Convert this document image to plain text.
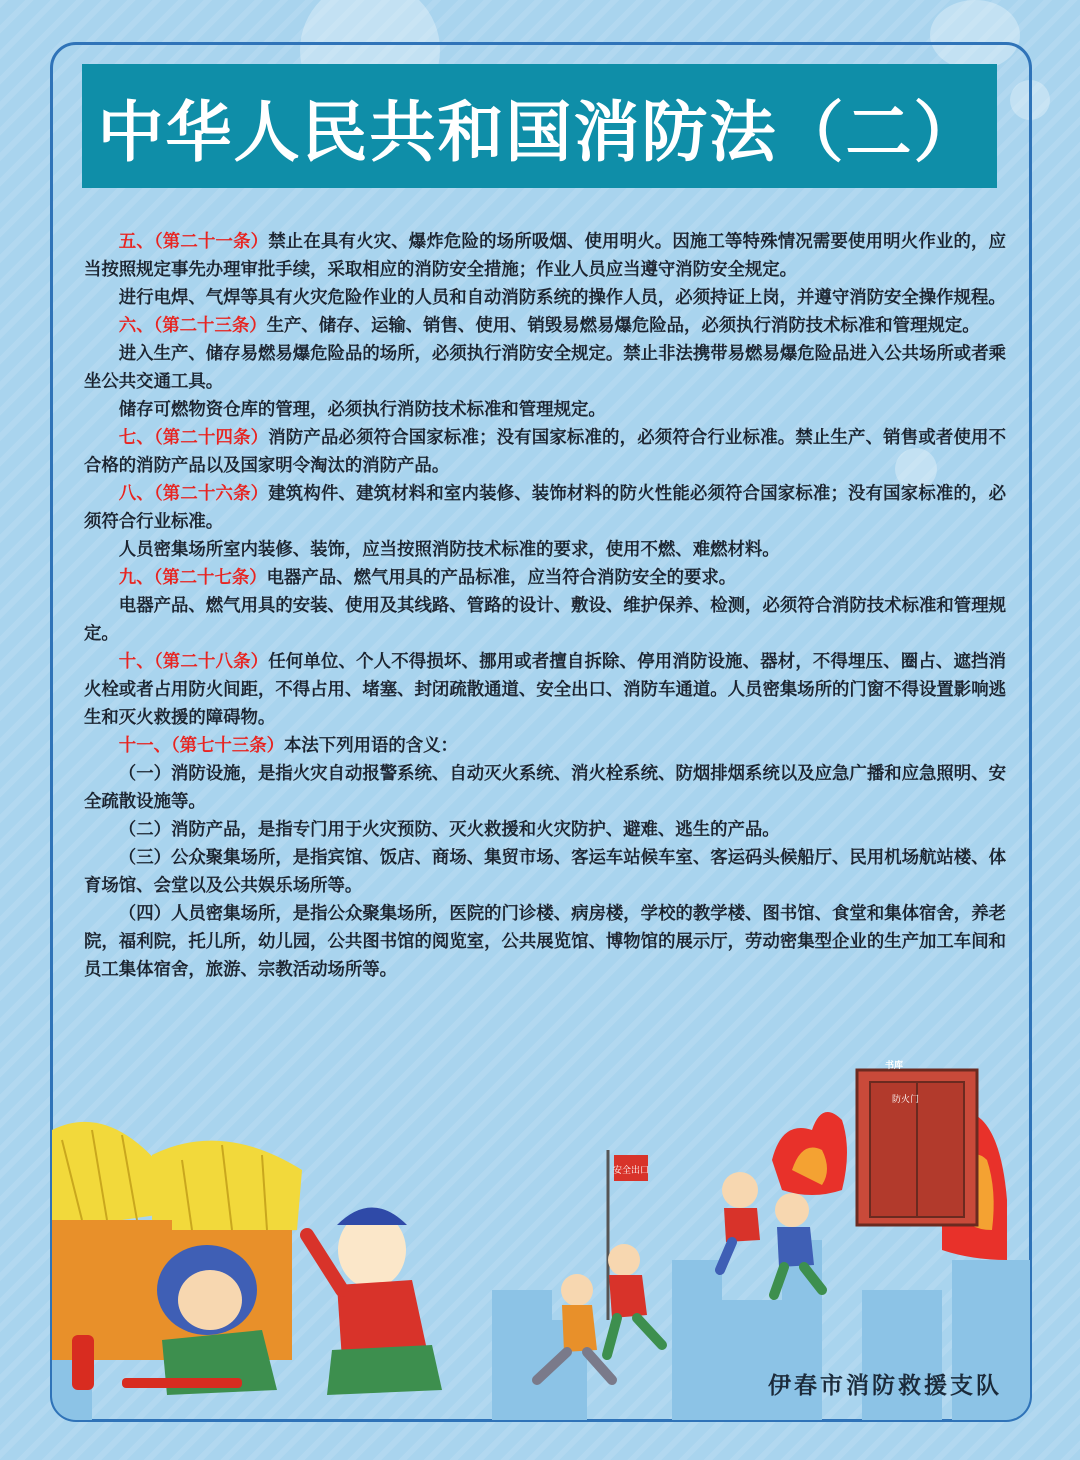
中华人民共和国消防法（二）

五、（第二十一条）禁止在具有火灾、爆炸危险的场所吸烟、使用明火。因施工等特殊情况需要使用明火作业的，应当按照规定事先办理审批手续，采取相应的消防安全措施；作业人员应当遵守消防安全规定。

进行电焊、气焊等具有火灾危险作业的人员和自动消防系统的操作人员，必须持证上岗，并遵守消防安全操作规程。

六、（第二十三条）生产、储存、运输、销售、使用、销毁易燃易爆危险品，必须执行消防技术标准和管理规定。

进入生产、储存易燃易爆危险品的场所，必须执行消防安全规定。禁止非法携带易燃易爆危险品进入公共场所或者乘坐公共交通工具。

储存可燃物资仓库的管理，必须执行消防技术标准和管理规定。

七、（第二十四条）消防产品必须符合国家标准；没有国家标准的，必须符合行业标准。禁止生产、销售或者使用不合格的消防产品以及国家明令淘汰的消防产品。

八、（第二十六条）建筑构件、建筑材料和室内装修、装饰材料的防火性能必须符合国家标准；没有国家标准的，必须符合行业标准。

人员密集场所室内装修、装饰，应当按照消防技术标准的要求，使用不燃、难燃材料。

九、（第二十七条）电器产品、燃气用具的产品标准，应当符合消防安全的要求。

电器产品、燃气用具的安装、使用及其线路、管路的设计、敷设、维护保养、检测，必须符合消防技术标准和管理规定。

十、（第二十八条）任何单位、个人不得损坏、挪用或者擅自拆除、停用消防设施、器材，不得埋压、圈占、遮挡消火栓或者占用防火间距，不得占用、堵塞、封闭疏散通道、安全出口、消防车通道。人员密集场所的门窗不得设置影响逃生和灭火救援的障碍物。

十一、（第七十三条）本法下列用语的含义：

（一）消防设施，是指火灾自动报警系统、自动灭火系统、消火栓系统、防烟排烟系统以及应急广播和应急照明、安全疏散设施等。

（二）消防产品，是指专门用于火灾预防、灭火救援和火灾防护、避难、逃生的产品。

（三）公众聚集场所，是指宾馆、饭店、商场、集贸市场、客运车站候车室、客运码头候船厅、民用机场航站楼、体育场馆、会堂以及公共娱乐场所等。

（四）人员密集场所，是指公众聚集场所，医院的门诊楼、病房楼，学校的教学楼、图书馆、食堂和集体宿舍，养老院，福利院，托儿所，幼儿园，公共图书馆的阅览室，公共展览馆、博物馆的展示厅，劳动密集型企业的生产加工车间和员工集体宿舍，旅游、宗教活动场所等。

安全出口
防火门
书库
伊春市消防救援支队
